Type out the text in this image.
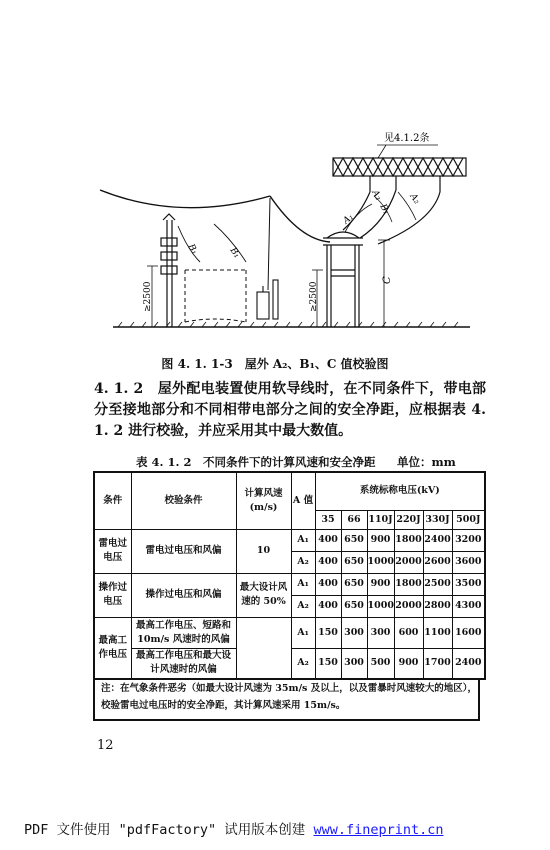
≥2500
B₁	B₁
≥2500
见4.1.2条
A₁
A₂
B₁
A₂
C
图 4. 1. 1-3　屋外 A₂、B₁、C 值校验图
4. 1. 2　屋外配电装置使用软导线时，在不同条件下，带电部分至接地部分和不同相带电部分之间的安全净距，应根据表 4. 1. 2 进行校验，并应采用其中最大数值。
表 4. 1. 2　不同条件下的计算风速和安全净距 单位：mm
条件	校验条件	计算风速(m/s)	A 值	系统标称电压(kV)					
				35	66	110J	220J	330J	500J
雷电过电压	雷电过电压和风偏	10	A₁	400	650	900	1800	2400	3200
			A₂	400	650	1000	2000	2600	3600
操作过电压	操作过电压和风偏	最大设计风速的 50%	A₁	400	650	900	1800	2500	3500
			A₂	400	650	1000	2000	2800	4300
最高工作电压	最高工作电压、短路和10m/s 风速时的风偏		A₁	150	300	300	600	1100	1600
	最高工作电压和最大设计风速时的风偏		A₂	150	300	500	900	1700	2400
注：在气象条件恶劣（如最大设计风速为 35m/s 及以上，以及雷暴时风速较大的地区），校验雷电过电压时的安全净距，其计算风速采用 15m/s。
12
PDF 文件使用 "pdfFactory" 试用版本创建 www.fineprint.cn
